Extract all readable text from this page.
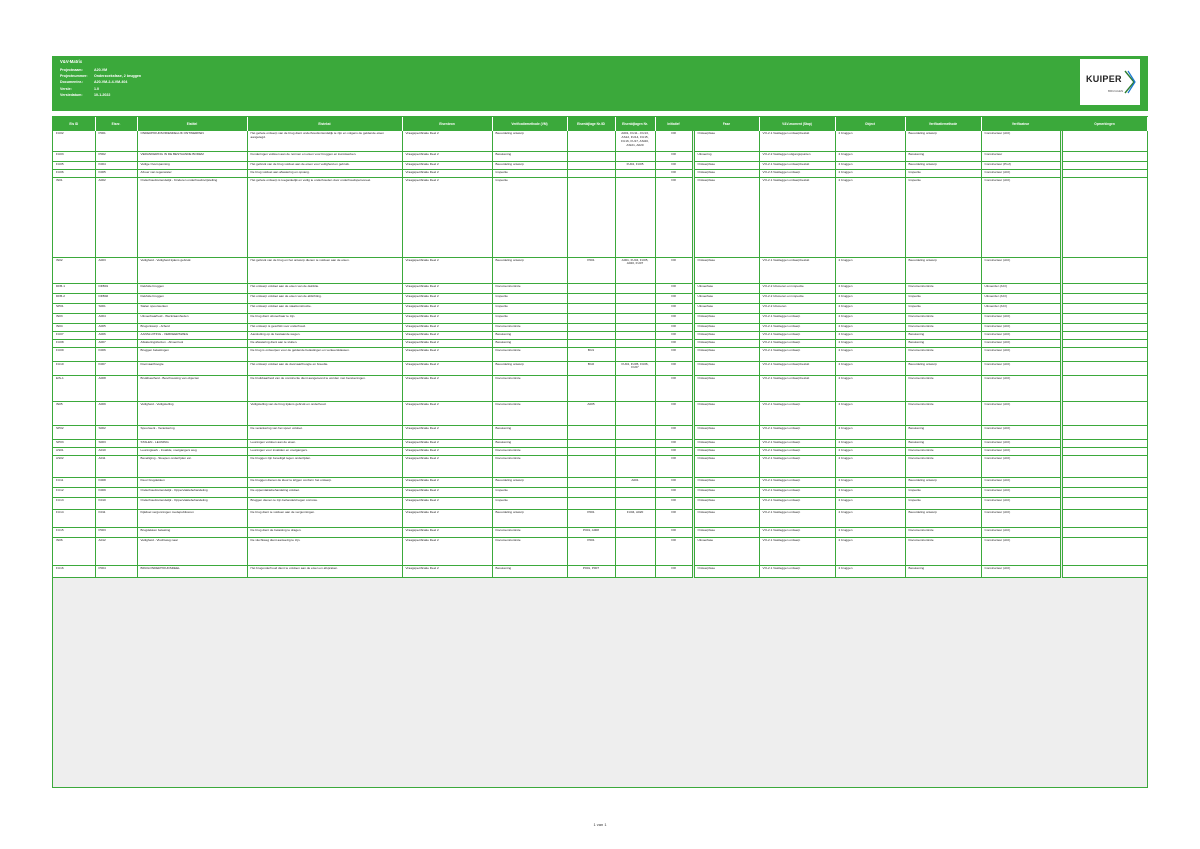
V&V-Matrix
Projectnaam:	A20-VM
Projectnummer:	Onderzoeksfase, 2 bruggen
Documentnr.:	A20-VM-2-4-VM-404
Versie:	1.0
Versiedatum:	10-1-2022
KUIPER
BRUGGEN
Eis ID	Eisnr.	Eistitel	Eistekst	Eisenbron	Verificatiemethode (VM)	Eisenbijlage Nr./ID	Eisenbijlagen Nr.	Initiatief	Fase	V&V-moment (Stap)	Object	Verificatiemethode	Verificateur	Opmerkingen
FU02	P001	ONDERHOUDSVRIENDELIJK ONTWERPEN	Het gehele ontwerp van de brug dient onderhoudsvriendelijk te zijn en volgens de geldende eisen aangelegd.	Vraagspecificatie Deel 2	Beoordeling ontwerp		A001, FU11 - FU13, AS12, FU14, FU15, FU16, FU17, ASI20, ASI21, A020	OR	Ontwerpfase	VO-2.1 Vastleggen ontwerpbesluit	2 bruggen	Beoordeling ontwerp	Constructeur (ACI)	
FU03	P002	VERANKERING IN DE BESTAANDE BODEM	Funderingen voldoen aan de normen en eisen voor bruggen en kunstwerken.	Vraagspecificatie Deel 2	Berekening			OR	Uitvoering	VO-2.2 Vastleggen uitgangspunten	2 bruggen	Berekening	Constructeur	
FU05	K004	Veilige Overspanning	Het gebruik van de brug voldoet aan de eisen voor veiligheid en gebruik.	Vraagspecificatie Deel 2	Beoordeling ontwerp		FU04, FU05	OR	Ontwerpfase	VO-2.1 Vastleggen ontwerpbesluit	2 bruggen	Beoordeling ontwerp	Constructeur (Prof)	
FU06	K005	Afvoer van regenwater	De brug voldoet aan afwatering en opvang.	Vraagspecificatie Deel 2	Inspectie			OR	Ontwerpfase	VO-2.3 Vastleggen ontwerp	2 bruggen	Inspectie	Constructeur (ACI)	
IN01	A002	Onderhoudsvriendelijk - Kinderen onderhoudsvrijstelling	Het gehele ontwerp is toegankelijk en veilig te onderhouden door onderhoudspersoneel.	Vraagspecificatie Deel 2	Inspectie			OR	Ontwerpfase	VO-2.1 Vastleggen ontwerpbesluit	2 bruggen	Inspectie	Constructeur (ACI)	
IN02	A003	Veiligheid - Veiligheid tijdens gebruik	Het gebruik van de brug en het ontwerp dienen te voldoen aan de eisen.	Vraagspecificatie Deel 2	Beoordeling ontwerp	P001	A001, FU04, FU05, A020, FU07	OR	Ontwerpfase	VO-2.1 Vastleggen ontwerpbesluit	2 bruggen	Beoordeling ontwerp	Constructeur (ACI)	
DFB-1	DFB01	Dekfolie bruggen	Het ontwerp voldoet aan de eisen van de dekfolie.	Vraagspecificatie Deel 2	Documentcontrole			OR	Uitvoerfase	VO-2.2 Uitvoeren en inspectie	2 bruggen	Documentcontrole	Uitvoerder (ACI)	
DFB-2	DFB02	Dekfolie bruggen	Het ontwerp voldoet aan de eisen van de afdichting.	Vraagspecificatie Deel 2	Inspectie			OR	Uitvoerfase	VO-2.2 Uitvoeren en inspectie	2 bruggen	Inspectie	Uitvoerder (ACI)	
SP01	S001	Stalen spoorwerken	Het ontwerp voldoet aan de staalconstructie.	Vraagspecificatie Deel 2	Inspectie			OR	Uitvoerfase	VO-2.2 Uitvoeren	2 bruggen	Inspectie	Uitvoerder (ACI)	
IN03	A004	Uitvoerbaarheid - Werkzaamheden	De brug dient uitvoerbaar te zijn.	Vraagspecificatie Deel 2	Inspectie			OR	Ontwerpfase	VO-2.1 Vastleggen ontwerp	2 bruggen	Documentcontrole	Constructeur (ACI)	
IN04	A005	Brugontwerp - Arbeid	Het ontwerp is geschikt voor onderhoud.	Vraagspecificatie Deel 2	Documentcontrole			OR	Ontwerpfase	VO-2.1 Vastleggen ontwerp	2 bruggen	Documentcontrole	Constructeur (ACI)	
FU07	A006	AANSLUITING - VERKEERSWEG	Aansluiting op de bestaande wegen.	Vraagspecificatie Deel 2	Berekening			OR	Ontwerpfase	VO-2.1 Vastleggen ontwerp	2 bruggen	Berekening	Constructeur (ACI)	
FU08	A007	Afwateringsbuizen - Afvoerriool	De afwatering dient aan te sluiten.	Vraagspecificatie Deel 2	Berekening			OR	Ontwerpfase	VO-2.1 Vastleggen ontwerp	2 bruggen	Berekening	Constructeur (ACI)	
FU09	K006	Bruggen belastingen	De brug is ontworpen voor de geldende belastingen en verkeersklassen.	Vraagspecificatie Deel 2	Documentcontrole	BIJ1		OR	Ontwerpfase	VO-2.1 Vastleggen ontwerp	2 bruggen	Documentcontrole	Constructeur (ACI)	
FU10	K007	Doorvaarthoogte	Het ontwerp voldoet aan de doorvaarthoogte en breedte.	Vraagspecificatie Deel 2	Beoordeling ontwerp	BIJ2	FU04, FU05, FU06, FU07	OR	Ontwerpfase	VO-2.1 Vastleggen ontwerpbesluit	2 bruggen	Beoordeling ontwerp	Constructeur (ACI)	
EIS-1	A008	Bruikbaarheid - Beschouwing van objecten	De bruikbaarheid van de constructie dient aangetoond te worden met berekeningen.	Vraagspecificatie Deel 2	Documentcontrole			OR	Ontwerpfase	VO-2.1 Vastleggen ontwerpbesluit	2 bruggen	Documentcontrole	Constructeur (ACI)	
IN05	A009	Veiligheid - Veiligstelling	Veiligstelling van de brug tijdens gebruik en onderhoud.	Vraagspecificatie Deel 2	Documentcontrole	A005		OR	Ontwerpfase	VO-2.1 Vastleggen ontwerp	2 bruggen	Documentcontrole	Constructeur (ACI)	
SP02	S002	Spoorwerk - Verankering	De verankering van het spoor voldoet.	Vraagspecificatie Deel 2	Berekening			OR	Ontwerpfase	VO-2.1 Vastleggen ontwerp	2 bruggen	Berekening	Constructeur (ACI)	
SP03	S003	STALEN - LEUNING	Leuningen voldoen aan de eisen.	Vraagspecificatie Deel 2	Berekening			OR	Ontwerpfase	VO-2.1 Vastleggen ontwerp	2 bruggen	Berekening	Constructeur (ACI)	
AS01	A010	Leuningwerk - Invalide, voetgangers weg	Leuningen voor invaliden en voetgangers.	Vraagspecificatie Deel 2	Documentcontrole			OR	Ontwerpfase	VO-2.1 Vastleggen ontwerp	2 bruggen	Documentcontrole	Constructeur (ACI)	
AS02	A011	Beveiliging - Stoepen onderrijden etc.	De bruggen zijn beveiligd tegen onderrijden.	Vraagspecificatie Deel 2	Documentcontrole			OR	Ontwerpfase	VO-2.1 Vastleggen ontwerp	2 bruggen	Documentcontrole	Constructeur (ACI)	
FU11	K008	Kleur brugdekken	De bruggen dienen de kleur te krijgen conform het ontwerp.	Vraagspecificatie Deel 2	Beoordeling ontwerp		A001	OR	Ontwerpfase	VO-2.1 Vastleggen ontwerp	2 bruggen	Beoordeling ontwerp	Constructeur (ACI)	
FU12	K009	Onderhoudsvriendelijk - Oppervlaktebehandeling	De oppervlaktebehandeling voldoet.	Vraagspecificatie Deel 2	Inspectie			OR	Ontwerpfase	VO-2.1 Vastleggen ontwerp	2 bruggen	Inspectie	Constructeur (ACI)	
FU13	K010	Onderhoudsvriendelijk - Oppervlaktebehandeling	Bruggen dienen te zijn behandeld tegen corrosie.	Vraagspecificatie Deel 2	Inspectie			OR	Ontwerpfase	VO-2.1 Vastleggen ontwerp	2 bruggen	Inspectie	Constructeur (ACI)	
FU14	K011	Kijkduel vergunningen medepubliceren	De brug dient te voldoen aan de vergunningen.	Vraagspecificatie Deel 2	Beoordeling ontwerp	P001	FU04, A020	OR	Ontwerpfase	VO-2.1 Vastleggen ontwerp	2 bruggen	Beoordeling ontwerp	Constructeur (ACI)	
FU15	P003	Brugdekken belasting	De brug dient de belasting te dragen.	Vraagspecificatie Deel 2	Documentcontrole	P001, A008		OR	Ontwerpfase	VO-2.1 Vastleggen ontwerp	2 bruggen	Documentcontrole	Constructeur (ACI)	
IN06	A012	Veiligheid - Vluchtweg naar	De vluchtweg dient aanwezig te zijn.	Vraagspecificatie Deel 2	Documentcontrole	P001		OR	Uitvoerfase	VO-2.1 Vastleggen ontwerp	2 bruggen	Documentcontrole	Constructeur (ACI)	
FU16	P004	BRUGONDERHOUDSDEEL	Het brugonderhoud dient te voldoen aan de eisen en afspraken.	Vraagspecificatie Deel 2	Berekening	P001, P007		OR	Ontwerpfase	VO-2.1 Vastleggen ontwerp	2 bruggen	Berekening	Constructeur (ACI)	
1 van 1
